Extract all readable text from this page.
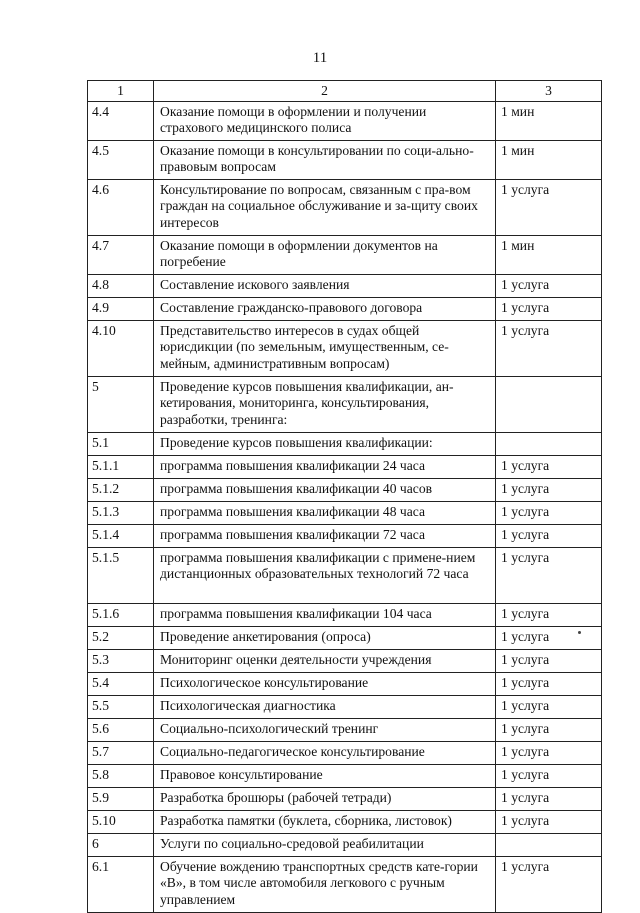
11
1	2	3
4.4	Оказание помощи в оформлении и получении страхового медицинского полиса	1 мин
4.5	Оказание помощи в консультировании по соци-ально-правовым вопросам	1 мин
4.6	Консультирование по вопросам, связанным с пра-вом граждан на социальное обслуживание и за-щиту своих интересов	1 услуга
4.7	Оказание помощи в оформлении документов на погребение	1 мин
4.8	Составление искового заявления	1 услуга
4.9	Составление гражданско-правового договора	1 услуга
4.10	Представительство интересов в судах общей юрисдикции (по земельным, имущественным, се-мейным, административным вопросам)	1 услуга
5	Проведение курсов повышения квалификации, ан-кетирования, мониторинга, консультирования, разработки, тренинга:	
5.1	Проведение курсов повышения квалификации:	
5.1.1	программа повышения квалификации 24 часа	1 услуга
5.1.2	программа повышения квалификации 40 часов	1 услуга
5.1.3	программа повышения квалификации 48 часа	1 услуга
5.1.4	программа повышения квалификации 72 часа	1 услуга
5.1.5	программа повышения квалификации с примене-нием дистанционных образовательных технологий 72 часа	1 услуга
5.1.6	программа повышения квалификации 104 часа	1 услуга
5.2	Проведение анкетирования (опроса)	1 услуга
5.3	Мониторинг оценки деятельности учреждения	1 услуга
5.4	Психологическое консультирование	1 услуга
5.5	Психологическая диагностика	1 услуга
5.6	Социально-психологический тренинг	1 услуга
5.7	Социально-педагогическое консультирование	1 услуга
5.8	Правовое консультирование	1 услуга
5.9	Разработка брошюры (рабочей тетради)	1 услуга
5.10	Разработка памятки (буклета, сборника, листовок)	1 услуга
6	Услуги по социально-средовой реабилитации	
6.1	Обучение вождению транспортных средств кате-гории «В», в том числе автомобиля легкового с ручным управлением	1 услуга
